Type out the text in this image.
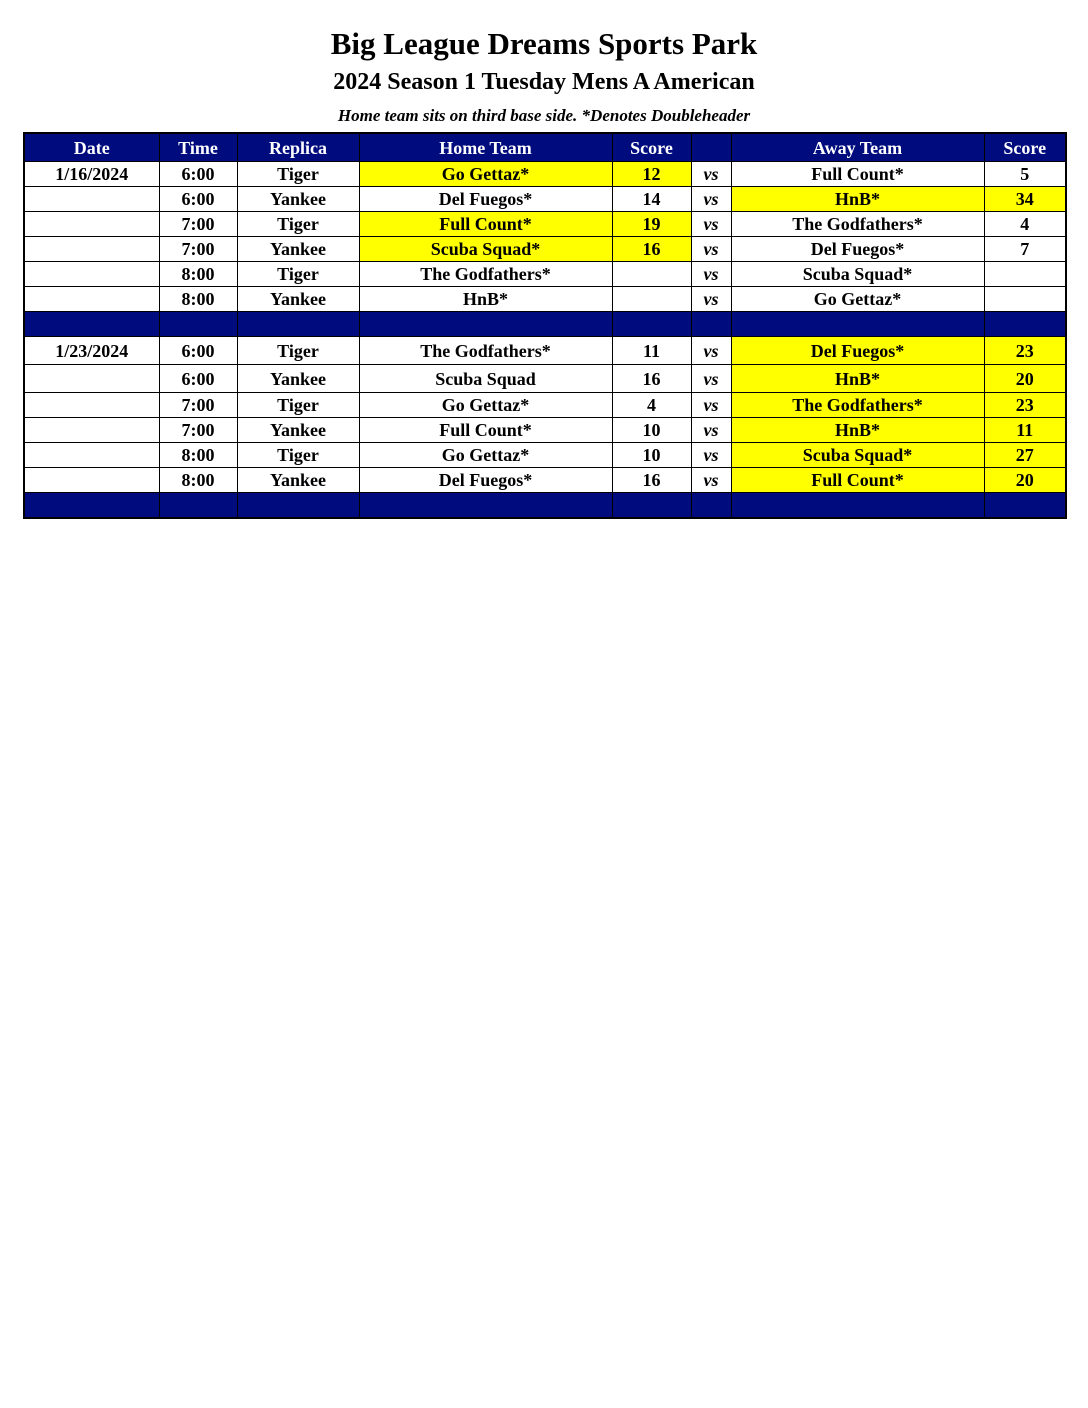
Big League Dreams Sports Park
2024 Season 1 Tuesday Mens A American
Home team sits on third base side. *Denotes Doubleheader
Date	Time	Replica	Home Team	Score		Away Team	Score
1/16/2024	6:00	Tiger	Go Gettaz*	12	vs	Full Count*	5
	6:00	Yankee	Del Fuegos*	14	vs	HnB*	34
	7:00	Tiger	Full Count*	19	vs	The Godfathers*	4
	7:00	Yankee	Scuba Squad*	16	vs	Del Fuegos*	7
	8:00	Tiger	The Godfathers*		vs	Scuba Squad*	
	8:00	Yankee	HnB*		vs	Go Gettaz*	

1/23/2024	6:00	Tiger	The Godfathers*	11	vs	Del Fuegos*	23
	6:00	Yankee	Scuba Squad	16	vs	HnB*	20
	7:00	Tiger	Go Gettaz*	4	vs	The Godfathers*	23
	7:00	Yankee	Full Count*	10	vs	HnB*	11
	8:00	Tiger	Go Gettaz*	10	vs	Scuba Squad*	27
	8:00	Yankee	Del Fuegos*	16	vs	Full Count*	20
